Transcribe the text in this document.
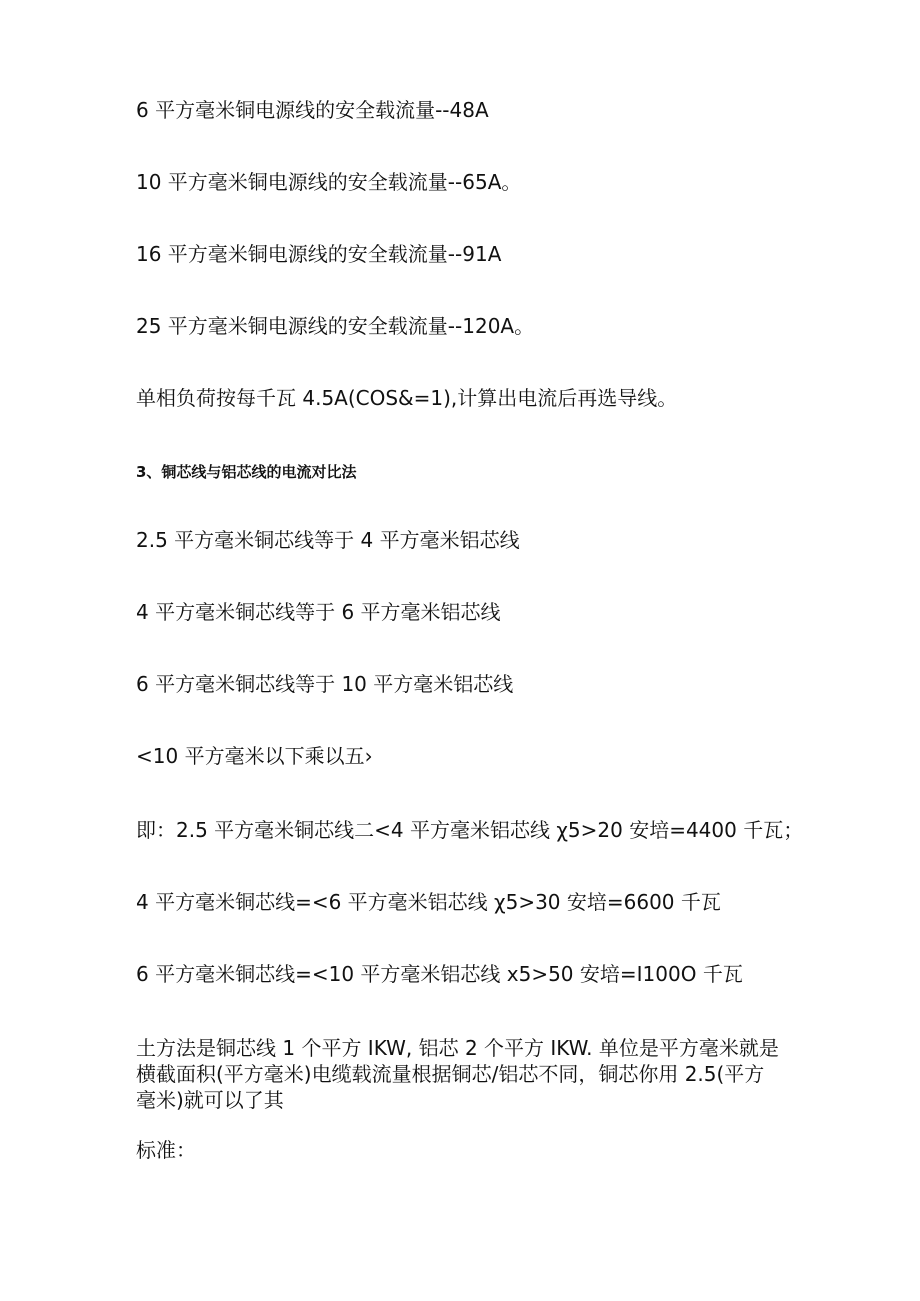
6 平方毫米铜电源线的安全载流量--48A

10 平方毫米铜电源线的安全载流量--65A。

16 平方毫米铜电源线的安全载流量--91A

25 平方毫米铜电源线的安全载流量--120A。

单相负荷按每千瓦 4.5A(COS&=1),计算出电流后再选导线。

3、铜芯线与铝芯线的电流对比法

2.5 平方毫米铜芯线等于 4 平方毫米铝芯线

4 平方毫米铜芯线等于 6 平方毫米铝芯线

6 平方毫米铜芯线等于 10 平方毫米铝芯线

<10 平方毫米以下乘以五›

即：2.5 平方毫米铜芯线二<4 平方毫米铝芯线 χ5>20 安培=4400 千瓦；

4 平方毫米铜芯线=<6 平方毫米铝芯线 χ5>30 安培=6600 千瓦

6 平方毫米铜芯线=<10 平方毫米铝芯线 x5>50 安培=I100O 千瓦

土方法是铜芯线 1 个平方 IKW, 铝芯 2 个平方 IKW. 单位是平方毫米就是
横截面积(平方毫米)电缆载流量根据铜芯/铝芯不同，铜芯你用 2.5(平方
毫米)就可以了其

标准：
